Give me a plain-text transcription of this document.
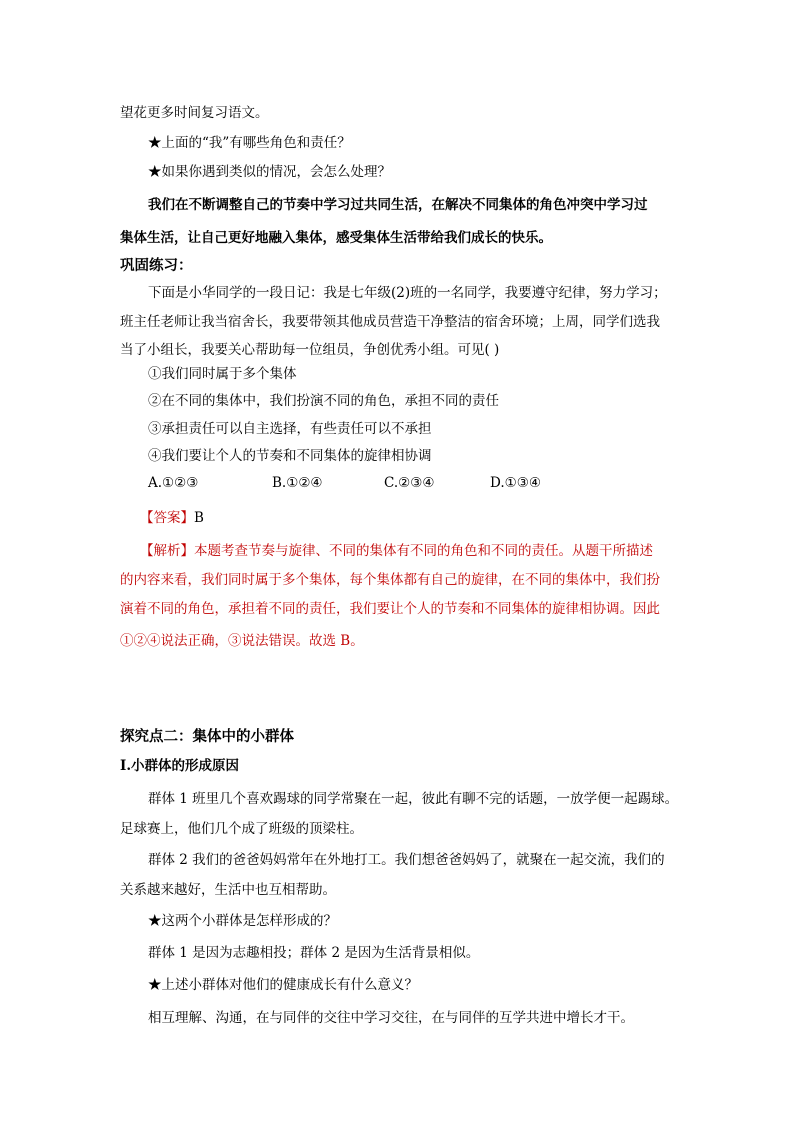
望花更多时间复习语文。
★上面的“我”有哪些角色和责任？
★如果你遇到类似的情况，会怎么处理？
我们在不断调整自己的节奏中学习过共同生活，在解决不同集体的角色冲突中学习过
集体生活，让自己更好地融入集体，感受集体生活带给我们成长的快乐。
巩固练习：
下面是小华同学的一段日记：我是七年级(2)班的一名同学，我要遵守纪律，努力学习；
班主任老师让我当宿舍长，我要带领其他成员营造干净整洁的宿舍环境；上周，同学们选我
当了小组长，我要关心帮助每一位组员，争创优秀小组。可见( )
①我们同时属于多个集体
②在不同的集体中，我们扮演不同的角色，承担不同的责任
③承担责任可以自主选择，有些责任可以不承担
④我们要让个人的节奏和不同集体的旋律相协调
A.①②③	B.①②④	C.②③④	D.①③④
【答案】B
【解析】本题考查节奏与旋律、不同的集体有不同的角色和不同的责任。从题干所描述
的内容来看，我们同时属于多个集体，每个集体都有自己的旋律，在不同的集体中，我们扮
演着不同的角色，承担着不同的责任，我们要让个人的节奏和不同集体的旋律相协调。因此
①②④说法正确，③说法错误。故选 B。
探究点二：集体中的小群体
Ⅰ.小群体的形成原因
群体 1 班里几个喜欢踢球的同学常聚在一起，彼此有聊不完的话题，一放学便一起踢球。
足球赛上，他们几个成了班级的顶梁柱。
群体 2 我们的爸爸妈妈常年在外地打工。我们想爸爸妈妈了，就聚在一起交流，我们的
关系越来越好，生活中也互相帮助。
★这两个小群体是怎样形成的？
群体 1 是因为志趣相投；群体 2 是因为生活背景相似。
★上述小群体对他们的健康成长有什么意义？
相互理解、沟通，在与同伴的交往中学习交往，在与同伴的互学共进中增长才干。
